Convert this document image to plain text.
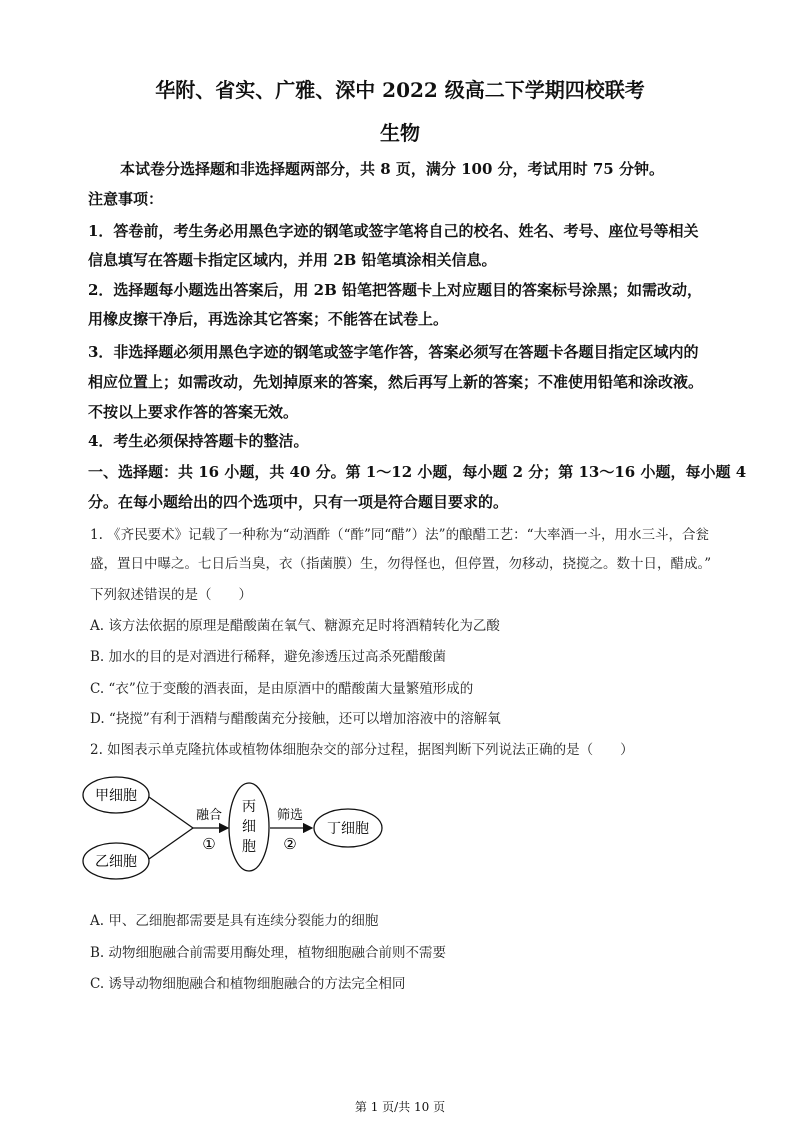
华附、省实、广雅、深中 2022 级高二下学期四校联考
生物
本试卷分选择题和非选择题两部分，共 8 页，满分 100 分，考试用时 75 分钟。
注意事项：
1．答卷前，考生务必用黑色字迹的钢笔或签字笔将自己的校名、姓名、考号、座位号等相关
信息填写在答题卡指定区域内，并用 2B 铅笔填涂相关信息。
2．选择题每小题选出答案后，用 2B 铅笔把答题卡上对应题目的答案标号涂黑；如需改动，
用橡皮擦干净后，再选涂其它答案；不能答在试卷上。
3．非选择题必须用黑色字迹的钢笔或签字笔作答，答案必须写在答题卡各题目指定区域内的
相应位置上；如需改动，先划掉原来的答案，然后再写上新的答案；不准使用铅笔和涂改液。
不按以上要求作答的答案无效。
4．考生必须保持答题卡的整洁。
一、选择题：共 16 小题，共 40 分。第 1～12 小题，每小题 2 分；第 13～16 小题，每小题 4
分。在每小题给出的四个选项中，只有一项是符合题目要求的。
1. 《齐民要术》记载了一种称为“动酒酢（“酢”同“醋”）法”的酿醋工艺：“大率酒一斗，用水三斗，合瓮
盛，置日中曝之。七日后当臭，衣（指菌膜）生，勿得怪也，但停置，勿移动，挠搅之。数十日，醋成。”
下列叙述错误的是（　　）
A. 该方法依据的原理是醋酸菌在氧气、糖源充足时将酒精转化为乙酸
B. 加水的目的是对酒进行稀释，避免渗透压过高杀死醋酸菌
C. “衣”位于变酸的酒表面，是由原酒中的醋酸菌大量繁殖形成的
D. “挠搅”有利于酒精与醋酸菌充分接触，还可以增加溶液中的溶解氧
2. 如图表示单克隆抗体或植物体细胞杂交的部分过程，据图判断下列说法正确的是（　　）
甲细胞
乙细胞
融合
①
丙
细
胞
筛选
②
丁细胞
A. 甲、乙细胞都需要是具有连续分裂能力的细胞
B. 动物细胞融合前需要用酶处理，植物细胞融合前则不需要
C. 诱导动物细胞融合和植物细胞融合的方法完全相同
第 1 页/共 10 页
